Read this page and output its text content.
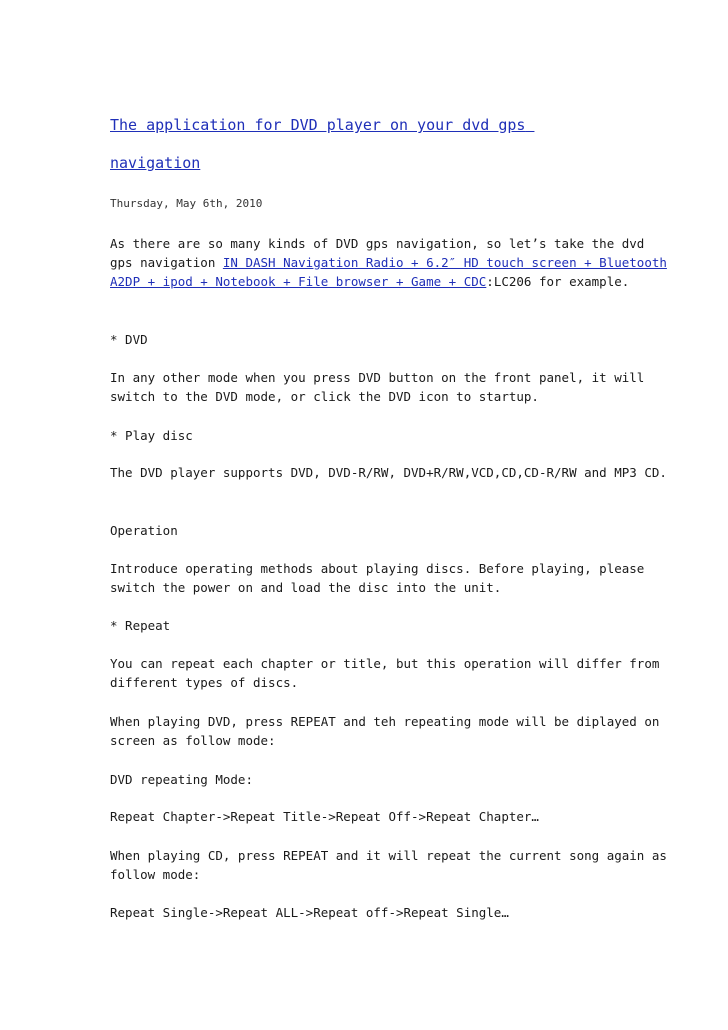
The application for DVD player on your dvd gps
navigation
Thursday, May 6th, 2010

As there are so many kinds of DVD gps navigation, so let’s take the dvd gps navigation IN DASH Navigation Radio + 6.2″ HD touch screen + Bluetooth A2DP + ipod + Notebook + File browser + Game + CDC:LC206 for example.

* DVD

In any other mode when you press DVD button on the front panel, it will switch to the DVD mode, or click the DVD icon to startup.

* Play disc

The DVD player supports DVD, DVD-R/RW, DVD+R/RW,VCD,CD,CD-R/RW and MP3 CD.

Operation

Introduce operating methods about playing discs. Before playing, please switch the power on and load the disc into the unit.

* Repeat

You can repeat each chapter or title, but this operation will differ from different types of discs.

When playing DVD, press REPEAT and teh repeating mode will be diplayed on screen as follow mode:

DVD repeating Mode:

Repeat Chapter->Repeat Title->Repeat Off->Repeat Chapter…

When playing CD, press REPEAT and it will repeat the current song again as follow mode:

Repeat Single->Repeat ALL->Repeat off->Repeat Single…
